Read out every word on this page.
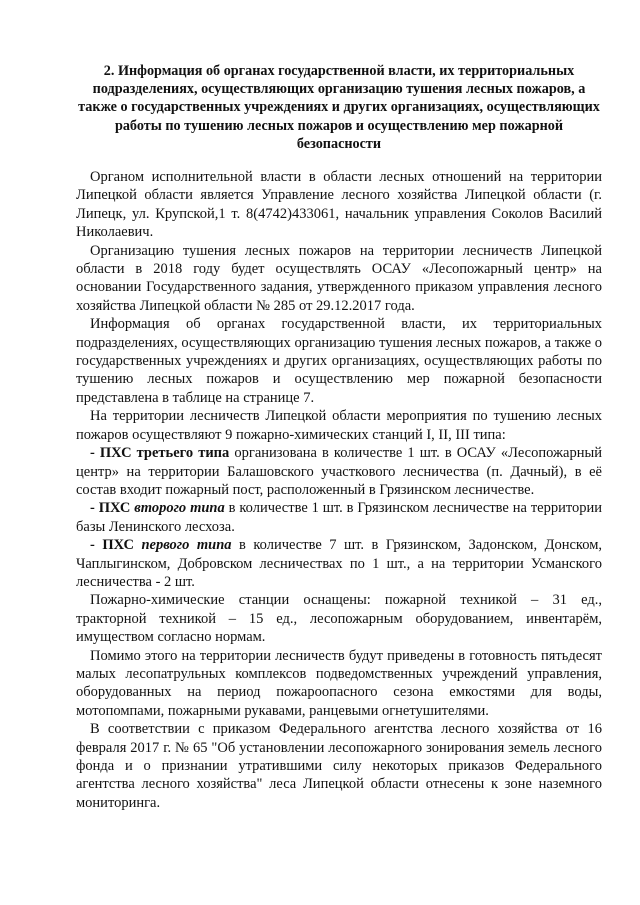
2. Информация об органах государственной власти, их территориальных подразделениях, осуществляющих организацию тушения лесных пожаров, а также о государственных учреждениях и других организациях, осуществляющих работы по тушению лесных пожаров и осуществлению мер пожарной безопасности

Органом исполнительной власти в области лесных отношений на территории Липецкой области является Управление лесного хозяйства Липецкой области (г. Липецк, ул. Крупской,1 т. 8(4742)433061, начальник управления Соколов Василий Николаевич.

Организацию тушения лесных пожаров на территории лесничеств Липецкой области в 2018 году будет осуществлять ОСАУ «Лесопожарный центр» на основании Государственного задания, утвержденного приказом управления лесного хозяйства Липецкой области № 285 от 29.12.2017 года.

Информация об органах государственной власти, их территориальных подразделениях, осуществляющих организацию тушения лесных пожаров, а также о государственных учреждениях и других организациях, осуществляющих работы по тушению лесных пожаров и осуществлению мер пожарной безопасности представлена в таблице на странице 7.

На территории лесничеств Липецкой области мероприятия по тушению лесных пожаров осуществляют 9 пожарно-химических станций I, II, III типа:

- ПХС третьего типа организована в количестве 1 шт. в ОСАУ «Лесопожарный центр» на территории Балашовского участкового лесничества (п. Дачный), в её состав входит пожарный пост, расположенный в Грязинском лесничестве.

- ПХС второго типа в количестве 1 шт. в Грязинском лесничестве на территории базы Ленинского лесхоза.

- ПХС первого типа в количестве 7 шт. в Грязинском, Задонском, Донском, Чаплыгинском, Добровском лесничествах по 1 шт., а на территории Усманского лесничества - 2 шт.

Пожарно-химические станции оснащены: пожарной техникой – 31 ед., тракторной техникой – 15 ед., лесопожарным оборудованием, инвентарём, имуществом согласно нормам.

Помимо этого на территории лесничеств будут приведены в готовность пятьдесят малых лесопатрульных комплексов подведомственных учреждений управления, оборудованных на период пожароопасного сезона емкостями для воды, мотопомпами, пожарными рукавами, ранцевыми огнетушителями.

В соответствии с приказом Федерального агентства лесного хозяйства от 16 февраля 2017 г. № 65 "Об установлении лесопожарного зонирования земель лесного фонда и о признании утратившими силу некоторых приказов Федерального агентства лесного хозяйства" леса Липецкой области отнесены к зоне наземного мониторинга.
